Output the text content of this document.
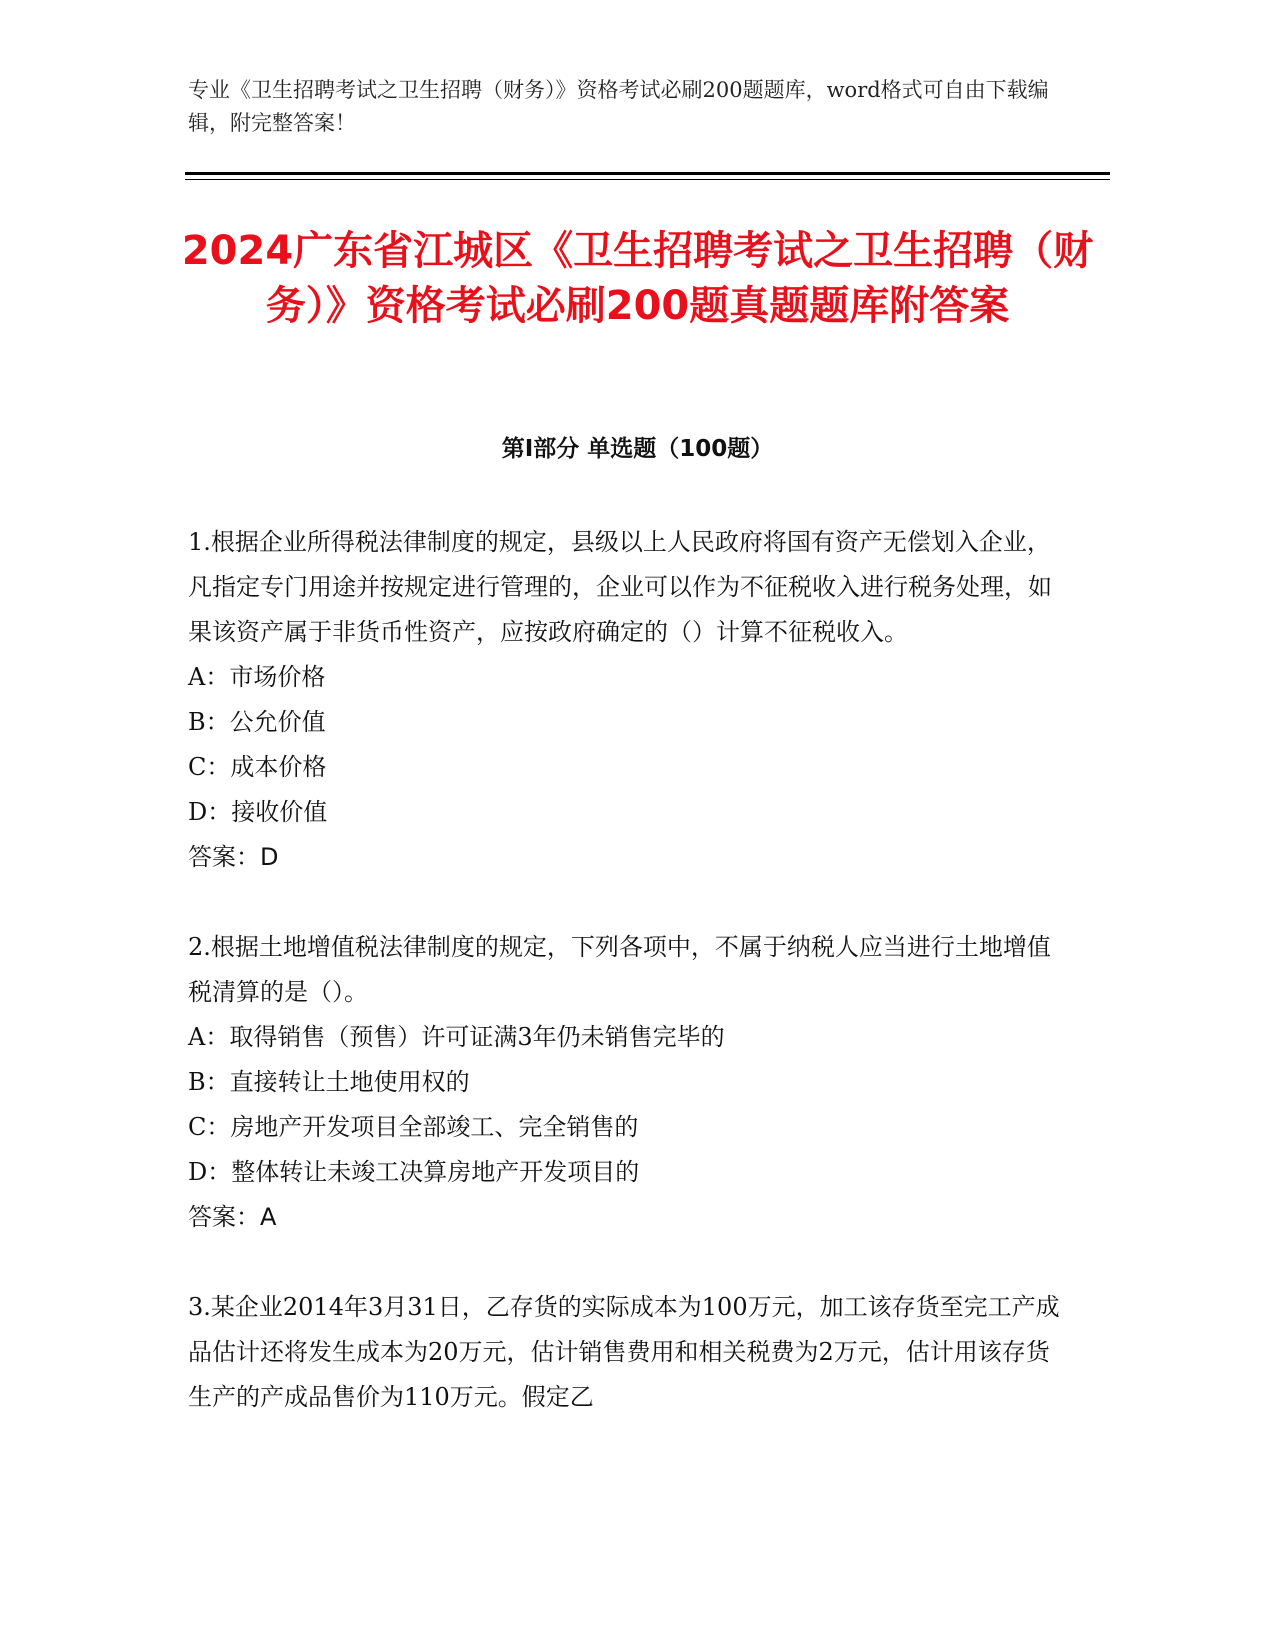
专业《卫生招聘考试之卫生招聘（财务）》资格考试必刷200题题库，word格式可自由下载编辑，附完整答案！
2024广东省江城区《卫生招聘考试之卫生招聘（财务）》资格考试必刷200题真题题库附答案
第Ⅰ部分 单选题（100题）

1.根据企业所得税法律制度的规定，县级以上人民政府将国有资产无偿划入企业，凡指定专门用途并按规定进行管理的，企业可以作为不征税收入进行税务处理，如果该资产属于非货币性资产，应按政府确定的（）计算不征税收入。

A：市场价格

B：公允价值

C：成本价格

D：接收价值

答案：D

2.根据土地增值税法律制度的规定，下列各项中，不属于纳税人应当进行土地增值税清算的是（）。

A：取得销售（预售）许可证满3年仍未销售完毕的

B：直接转让土地使用权的

C：房地产开发项目全部竣工、完全销售的

D：整体转让未竣工决算房地产开发项目的

答案：A

3.某企业2014年3月31日，乙存货的实际成本为100万元，加工该存货至完工产成品估计还将发生成本为20万元，估计销售费用和相关税费为2万元，估计用该存货生产的产成品售价为110万元。假定乙
